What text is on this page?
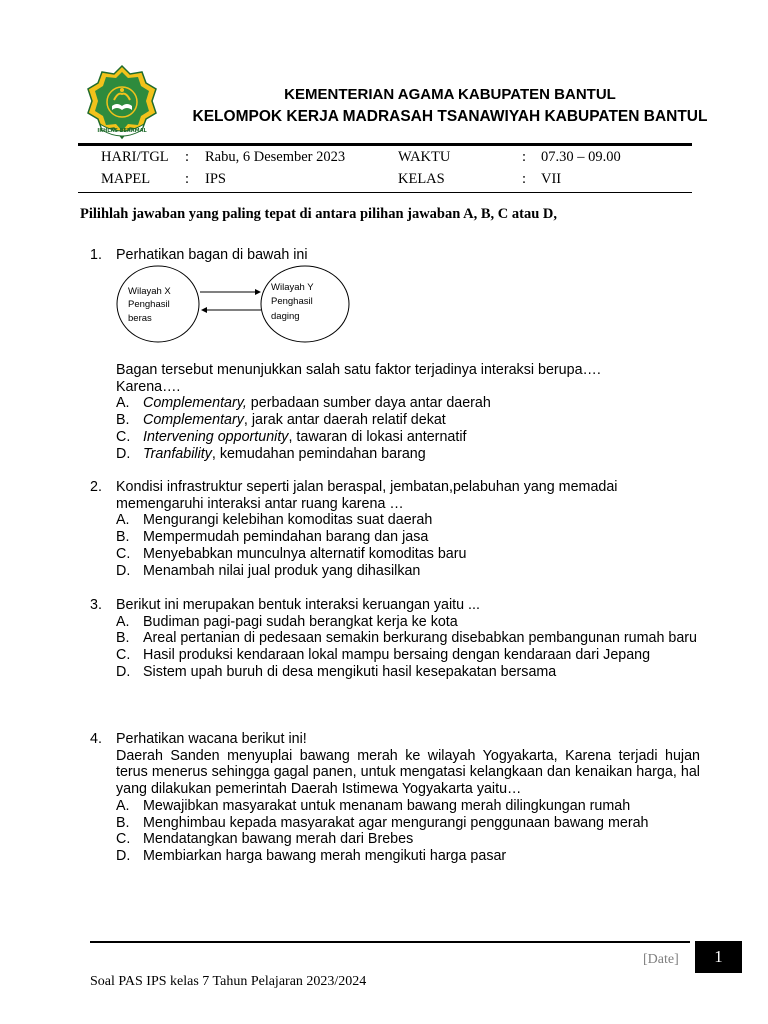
IKHLAS BERAMAL
KEMENTERIAN AGAMA KABUPATEN BANTUL
KELOMPOK KERJA MADRASAH TSANAWIYAH KABUPATEN BANTUL
HARI/TGL : Rabu, 6 Desember 2023	WAKTU	: 07.30 – 09.00
MAPEL : IPS	KELAS	: VII
Pilihlah jawaban yang paling tepat di antara pilihan jawaban A, B, C atau D,
1. Perhatikan bagan di bawah ini
Wilayah X Penghasil beras
Wilayah Y Penghasil daging
Bagan tersebut menunjukkan salah satu faktor terjadinya interaksi berupa….
Karena….
A. Complementary, perbadaan sumber daya antar daerah
B. Complementary, jarak antar daerah relatif dekat
C. Intervening opportunity, tawaran di lokasi anternatif
D. Tranfability, kemudahan pemindahan barang
2. Kondisi infrastruktur seperti jalan beraspal, jembatan,pelabuhan yang memadai memengaruhi interaksi antar ruang karena …
A. Mengurangi kelebihan komoditas suat daerah
B. Mempermudah pemindahan barang dan jasa
C. Menyebabkan munculnya alternatif komoditas baru
D. Menambah nilai jual produk yang dihasilkan
3. Berikut ini merupakan bentuk interaksi keruangan yaitu ...
A. Budiman pagi-pagi sudah berangkat kerja ke kota
B. Areal pertanian di pedesaan semakin berkurang disebabkan pembangunan rumah baru
C. Hasil produksi kendaraan lokal mampu bersaing dengan kendaraan dari Jepang
D. Sistem upah buruh di desa mengikuti hasil kesepakatan bersama
4. Perhatikan wacana berikut ini!
Daerah Sanden menyuplai bawang merah ke wilayah Yogyakarta, Karena terjadi hujan terus menerus sehingga gagal panen, untuk mengatasi kelangkaan dan kenaikan harga, hal yang dilakukan pemerintah Daerah Istimewa Yogyakarta yaitu…
A. Mewajibkan masyarakat untuk menanam bawang merah dilingkungan rumah
B. Menghimbau kepada masyarakat agar mengurangi penggunaan bawang merah
C. Mendatangkan bawang merah dari Brebes
D. Membiarkan harga bawang merah mengikuti harga pasar
[Date]	1
Soal PAS IPS kelas 7 Tahun Pelajaran 2023/2024
